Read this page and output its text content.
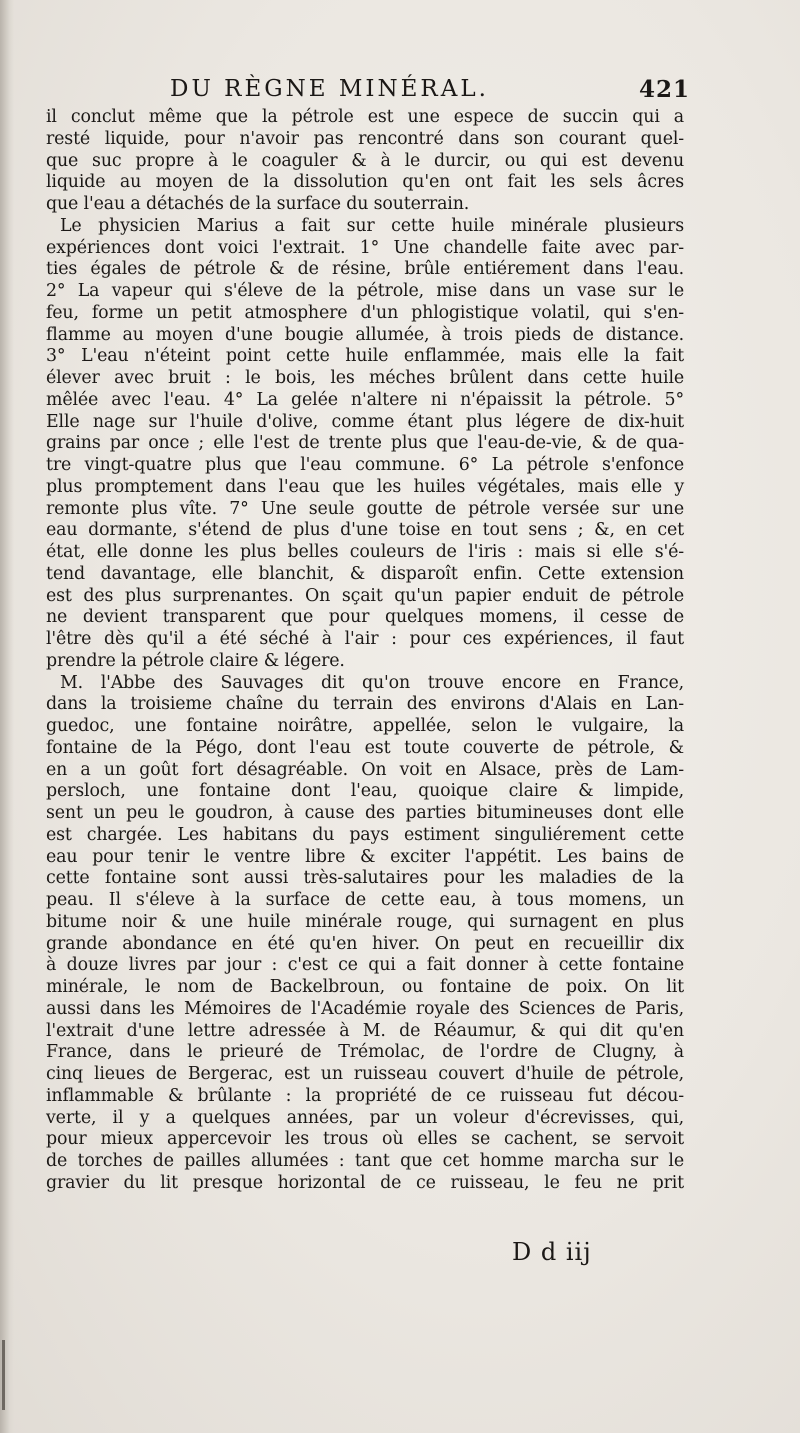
DU RÈGNE MINÉRAL.	421
il conclut même que la pétrole est une espece de succin qui a
resté liquide, pour n'avoir pas rencontré dans son courant quel-
que suc propre à le coaguler & à le durcir, ou qui est devenu
liquide au moyen de la dissolution qu'en ont fait les sels âcres
que l'eau a détachés de la surface du souterrain.
Le physicien Marius a fait sur cette huile minérale plusieurs
expériences dont voici l'extrait. 1° Une chandelle faite avec par-
ties égales de pétrole & de résine, brûle entiérement dans l'eau.
2° La vapeur qui s'éleve de la pétrole, mise dans un vase sur le
feu, forme un petit atmosphere d'un phlogistique volatil, qui s'en-
flamme au moyen d'une bougie allumée, à trois pieds de distance.
3° L'eau n'éteint point cette huile enflammée, mais elle la fait
élever avec bruit : le bois, les méches brûlent dans cette huile
mêlée avec l'eau. 4° La gelée n'altere ni n'épaissit la pétrole. 5°
Elle nage sur l'huile d'olive, comme étant plus légere de dix-huit
grains par once ; elle l'est de trente plus que l'eau-de-vie, & de qua-
tre vingt-quatre plus que l'eau commune. 6° La pétrole s'enfonce
plus promptement dans l'eau que les huiles végétales, mais elle y
remonte plus vîte. 7° Une seule goutte de pétrole versée sur une
eau dormante, s'étend de plus d'une toise en tout sens ; &, en cet
état, elle donne les plus belles couleurs de l'iris : mais si elle s'é-
tend davantage, elle blanchit, & disparoît enfin. Cette extension
est des plus surprenantes. On sçait qu'un papier enduit de pétrole
ne devient transparent que pour quelques momens, il cesse de
l'être dès qu'il a été séché à l'air : pour ces expériences, il faut
prendre la pétrole claire & légere.
M. l'Abbe des Sauvages dit qu'on trouve encore en France,
dans la troisieme chaîne du terrain des environs d'Alais en Lan-
guedoc, une fontaine noirâtre, appellée, selon le vulgaire, la
fontaine de la Pégo, dont l'eau est toute couverte de pétrole, &
en a un goût fort désagréable. On voit en Alsace, près de Lam-
persloch, une fontaine dont l'eau, quoique claire & limpide,
sent un peu le goudron, à cause des parties bitumineuses dont elle
est chargée. Les habitans du pays estiment singuliérement cette
eau pour tenir le ventre libre & exciter l'appétit. Les bains de
cette fontaine sont aussi très-salutaires pour les maladies de la
peau. Il s'éleve à la surface de cette eau, à tous momens, un
bitume noir & une huile minérale rouge, qui surnagent en plus
grande abondance en été qu'en hiver. On peut en recueillir dix
à douze livres par jour : c'est ce qui a fait donner à cette fontaine
minérale, le nom de Backelbroun, ou fontaine de poix. On lit
aussi dans les Mémoires de l'Académie royale des Sciences de Paris,
l'extrait d'une lettre adressée à M. de Réaumur, & qui dit qu'en
France, dans le prieuré de Trémolac, de l'ordre de Clugny, à
cinq lieues de Bergerac, est un ruisseau couvert d'huile de pétrole,
inflammable & brûlante : la propriété de ce ruisseau fut décou-
verte, il y a quelques années, par un voleur d'écrevisses, qui,
pour mieux appercevoir les trous où elles se cachent, se servoit
de torches de pailles allumées : tant que cet homme marcha sur le
gravier du lit presque horizontal de ce ruisseau, le feu ne prit
D d iij
